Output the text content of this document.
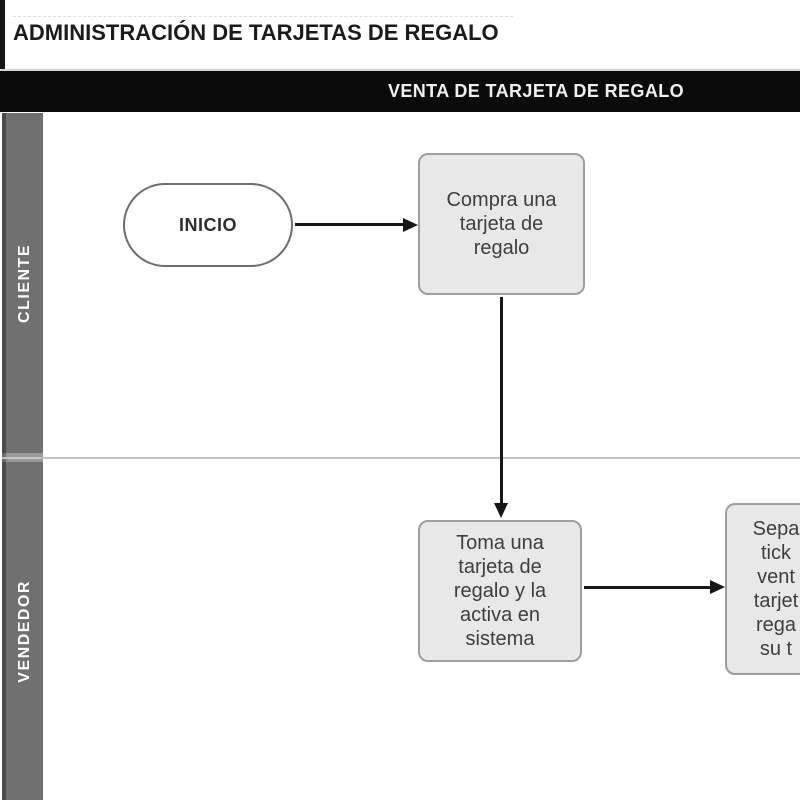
ADMINISTRACIÓN DE TARJETAS DE REGALO
VENTA DE TARJETA DE REGALO
CLIENTE
VENDEDOR
INICIO
Compra una
tarjeta de
regalo
Toma una
tarjeta de
regalo y la
activa en
sistema
Sepa
tick
vent
tarjet
rega
su t
